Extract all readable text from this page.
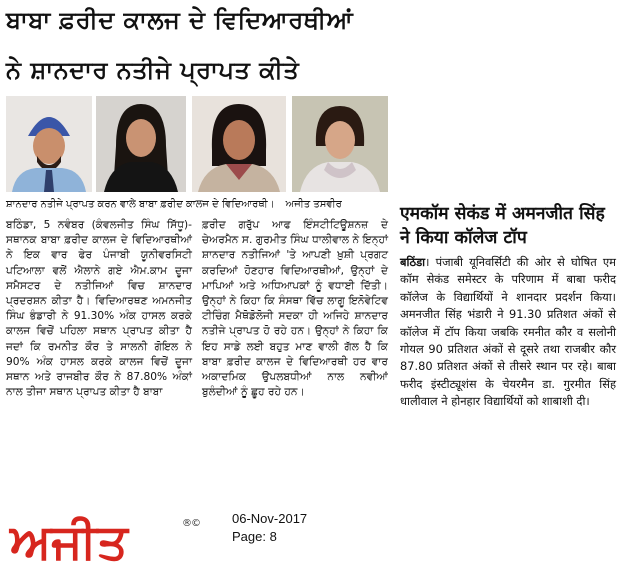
ਬਾਬਾ ਫ਼ਰੀਦ ਕਾਲਜ ਦੇ ਵਿਦਿਆਰਥੀਆਂ
ਨੇ ਸ਼ਾਨਦਾਰ ਨਤੀਜੇ ਪ੍ਰਾਪਤ ਕੀਤੇ
ਸ਼ਾਨਦਾਰ ਨਤੀਜੇ ਪ੍ਰਾਪਤ ਕਰਨ ਵਾਲੇ ਬਾਬਾ ਫ਼ਰੀਦ ਕਾਲਜ ਦੇ ਵਿਦਿਆਰਥੀ। ਅਜੀਤ ਤਸਵੀਰ

ਬਠਿੰਡਾ, 5 ਨਵੰਬਰ (ਕੰਵਲਜੀਤ ਸਿੰਘ ਸਿੱਧੂ)- ਸਥਾਨਕ ਬਾਬਾ ਫ਼ਰੀਦ ਕਾਲਜ ਦੇ ਵਿਦਿਆਰਥੀਆਂ ਨੇ ਇਕ ਵਾਰ ਫੇਰ ਪੰਜਾਬੀ ਯੂਨੀਵਰਸਿਟੀ ਪਟਿਆਲਾ ਵਲੋਂ ਐਲਾਨੇ ਗਏ ਐਮ.ਕਾਮ ਦੂਜਾ ਸਮੈਸਟਰ ਦੇ ਨਤੀਜਿਆਂ ਵਿਚ ਸ਼ਾਨਦਾਰ ਪ੍ਰਦਰਸ਼ਨ ਕੀਤਾ ਹੈ। ਵਿਦਿਆਰਥਣ ਅਮਨਜੀਤ ਸਿੰਘ ਭੰਡਾਰੀ ਨੇ 91.30% ਅੰਕ ਹਾਸਲ ਕਰਕੇ ਕਾਲਜ ਵਿਚੋਂ ਪਹਿਲਾ ਸਥਾਨ ਪ੍ਰਾਪਤ ਕੀਤਾ ਹੈ ਜਦਾਂ ਕਿ ਰਮਨੀਤ ਕੌਰ ਤੇ ਸਾਲਨੀ ਗੋਇਲ ਨੇ 90% ਅੰਕ ਹਾਸਲ ਕਰਕੇ ਕਾਲਜ ਵਿਚੋਂ ਦੂਜਾ ਸਥਾਨ ਅਤੇ ਰਾਜਬੀਰ ਕੌਰ ਨੇ 87.80% ਅੰਕਾਂ ਨਾਲ ਤੀਜਾ ਸਥਾਨ ਪ੍ਰਾਪਤ ਕੀਤਾ ਹੈ ਬਾਬਾ

ਫ਼ਰੀਦ ਗਰੁੱਪ ਆਫ ਇੰਸਟੀਟਿਊਸ਼ਨਜ਼ ਦੇ ਚੇਅਰਮੈਨ ਸ. ਗੁਰਮੀਤ ਸਿੰਘ ਧਾਲੀਵਾਲ ਨੇ ਇਨ੍ਹਾਂ ਸ਼ਾਨਦਾਰ ਨਤੀਜਿਆਂ 'ਤੇ ਆਪਣੀ ਖ਼ੁਸ਼ੀ ਪ੍ਰਗਟ ਕਰਦਿਆਂ ਹੋਣਹਾਰ ਵਿਦਿਆਰਥੀਆਂ, ਉਨ੍ਹਾਂ ਦੇ ਮਾਪਿਆਂ ਅਤੇ ਅਧਿਆਪਕਾਂ ਨੂੰ ਵਧਾਈ ਦਿੱਤੀ। ਉਨ੍ਹਾਂ ਨੇ ਕਿਹਾ ਕਿ ਸੰਸਥਾ ਵਿੱਚ ਲਾਗੂ ਇਨੋਵੇਟਿਵ ਟੀਚਿੰਗ ਮੈਥੋਡੋਲੋਜੀ ਸਦਕਾ ਹੀ ਅਜਿਹੇ ਸ਼ਾਨਦਾਰ ਨਤੀਜੇ ਪ੍ਰਾਪਤ ਹੋ ਰਹੇ ਹਨ। ਉਨ੍ਹਾਂ ਨੇ ਕਿਹਾ ਕਿ ਇਹ ਸਾਡੇ ਲਈ ਬਹੁਤ ਮਾਣ ਵਾਲੀ ਗੱਲ ਹੈ ਕਿ ਬਾਬਾ ਫ਼ਰੀਦ ਕਾਲਜ ਦੇ ਵਿਦਿਆਰਥੀ ਹਰ ਵਾਰ ਅਕਾਦਮਿਕ ਉਪਲਬਧੀਆਂ ਨਾਲ ਨਵੀਆਂ ਬੁਲੰਦੀਆਂ ਨੂੰ ਛੂਹ ਰਹੇ ਹਨ।

एमकॉम सेकंड में अमनजीत सिंह ने किया कॉलेज टॉप
बठिंडा। पंजाबी यूनिवर्सिटी की ओर से घोषित एम कॉम सेकंड समेस्टर के परिणाम में बाबा फरीद कॉलेज के विद्यार्थियों ने शानदार प्रदर्शन किया। अमनजीत सिंह भंडारी ने 91.30 प्रतिशत अंकों से कॉलेज में टॉप किया जबकि रमनीत कौर व सलोनी गोयल 90 प्रतिशत अंकों से दूसरे तथा राजबीर कौर 87.80 प्रतिशत अंकों से तीसरे स्थान पर रहे। बाबा फरीद इंस्टीट्यूशंस के चेयरमैन डा. गुरमीत सिंह धालीवाल ने होनहार विद्यार्थियों को शाबाशी दी।
ਅਜੀਤ	® © 06-Nov-2017
Page: 8
